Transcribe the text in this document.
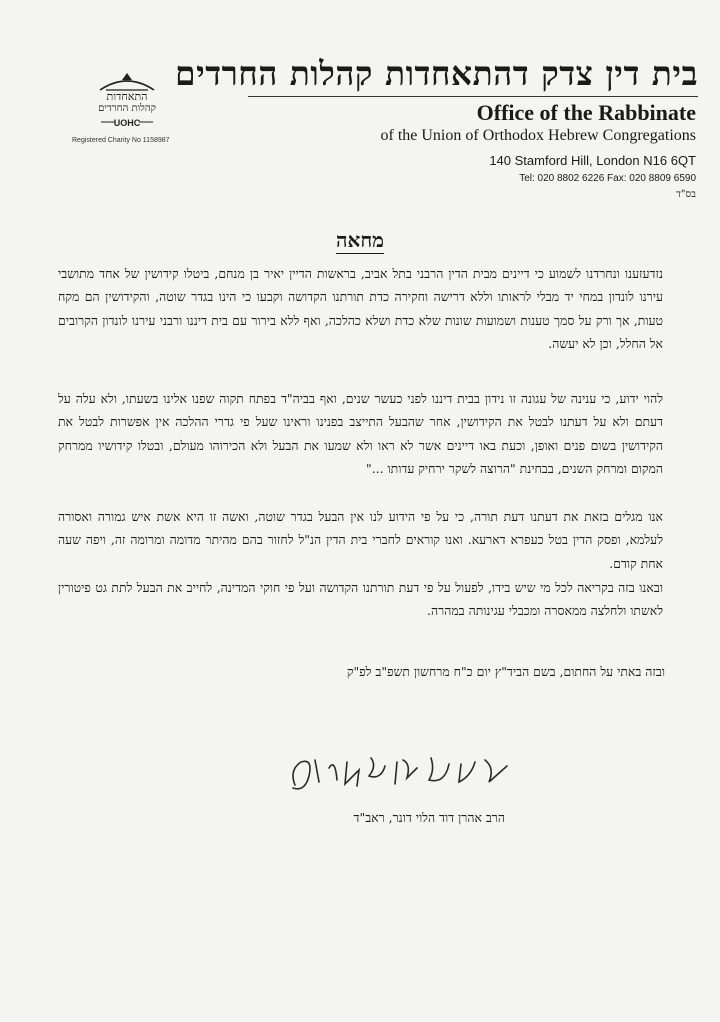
התאחדות
קהלות החרדים
UOHC
Registered Charity No 1158987
בית דין צדק דהתאחדות קהלות החרדים
Office of the Rabbinate
of the Union of Orthodox Hebrew Congregations
140 Stamford Hill, London N16 6QT
Tel: 020 8802 6226 Fax: 020 8809 6590
בס"ד
מחאה
נזדעזענו ונחרדנו לשמוע כי דיינים מבית הדין הרבני בתל אביב, בראשות הדיין יאיר בן מנחם, ביטלו קידושין של אחד מתושבי עירנו לונדון במחי יד מבלי לראותו וללא דרישה וחקירה כדת תורתנו הקדושה וקבעו כי הינו בגדר שוטה, והקידושין הם מקח טעות, אך ורק על סמך טענות ושמועות שונות שלא כדת ושלא כהלכה, ואף ללא בירור עם בית דיננו ורבני עירנו לונדון הקרובים אל החלל, וכן לא יעשה.
להוי ידוע, כי ענינה של עגונה זו נידון בבית דיננו לפני כעשר שנים, ואף בביה"ד בפתח תקוה שפנו אלינו בשעתו, ולא עלה על דעתם ולא על דעתנו לבטל את הקידושין, אחר שהבעל התייצב בפנינו וראינו שעל פי גדרי ההלכה אין אפשרות לבטל את הקידושין בשום פנים ואופן, וכעת באו דיינים אשר לא ראו ולא שמעו את הבעל ולא הכירוהו מעולם, ובטלו קידושיו ממרחק המקום ומרחק השנים, בבחינת "הרוצה לשקר ירחיק עדותו ..."
אנו מגלים בזאת את דעתנו דעת תורה, כי על פי הידוע לנו אין הבעל בגדר שוטה, ואשה זו היא אשת איש גמורה ואסורה לעלמא, ופסק הדין בטל כעפרא דארעא. ואנו קוראים לחברי בית הדין הנ"ל לחזור בהם מהיתר מדומה ומרומה זה, ויפה שעה אחת קודם.
ובאנו בזה בקריאה לכל מי שיש בידו, לפעול על פי דעת תורתנו הקדושה ועל פי חוקי המדינה, לחייב את הבעל לתת גט פיטורין לאשתו ולחלצה ממאסרה ומכבלי עגינותה במהרה.
ובזה באתי על החתום, בשם הביד"ץ יום כ"ח מרחשון תשפ"ב לפ"ק
הרב אהרן דוד הלוי דונר, ראב"ד
